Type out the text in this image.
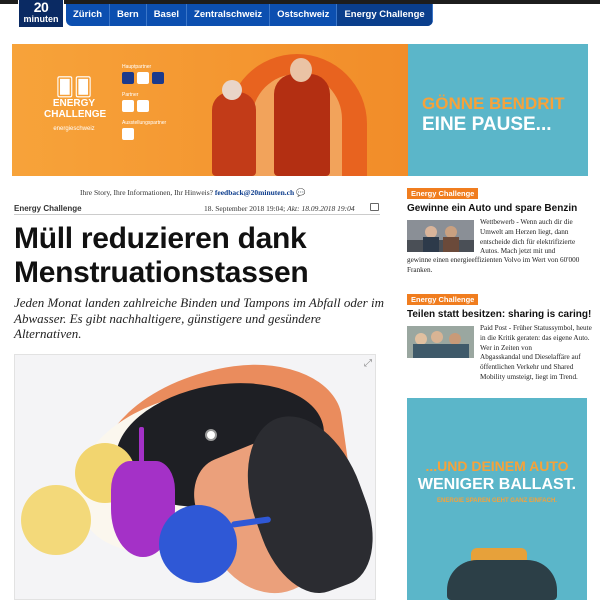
20
minuten	Zürich	Bern	Basel	Zentralschweiz	Ostschweiz	Energy Challenge
🂠🂠
ENERGY
CHALLENGE
energieschweiz
Hauptpartner
Partner
Ausstellungspartner
GÖNNE BENDRIT
EINE PAUSE...
Ihre Story, Ihre Informationen, Ihr Hinweis? feedback@20minuten.ch 💬
Energy Challenge	18. September 2018 19:04; Akt: 18.09.2018 19:04
Müll reduzieren dank Menstruationstassen

Jeden Monat landen zahlreiche Binden und Tampons im Abfall oder im Abwasser. Es gibt nachhaltigere, günstigere und gesündere Alternativen.

⤢
Energy Challenge
Gewinne ein Auto und spare Benzin
Wettbewerb - Wenn auch dir die Umwelt am Herzen liegt, dann entscheide dich für elektrifizierte Autos. Mach jetzt mit und
gewinne einen energieeffizienten Volvo im Wert von 60'000 Franken.
Energy Challenge
Teilen statt besitzen: sharing is caring!
Paid Post - Früher Statussymbol, heute in die Kritik geraten: das eigene Auto. Wer in Zeiten von
Abgasskandal und Dieselaffäre auf öffentlichen Verkehr und Shared Mobility umsteigt, liegt im Trend.
...UND DEINEM AUTO
WENIGER BALLAST.
ENERGIE SPAREN GEHT GANZ EINFACH.
